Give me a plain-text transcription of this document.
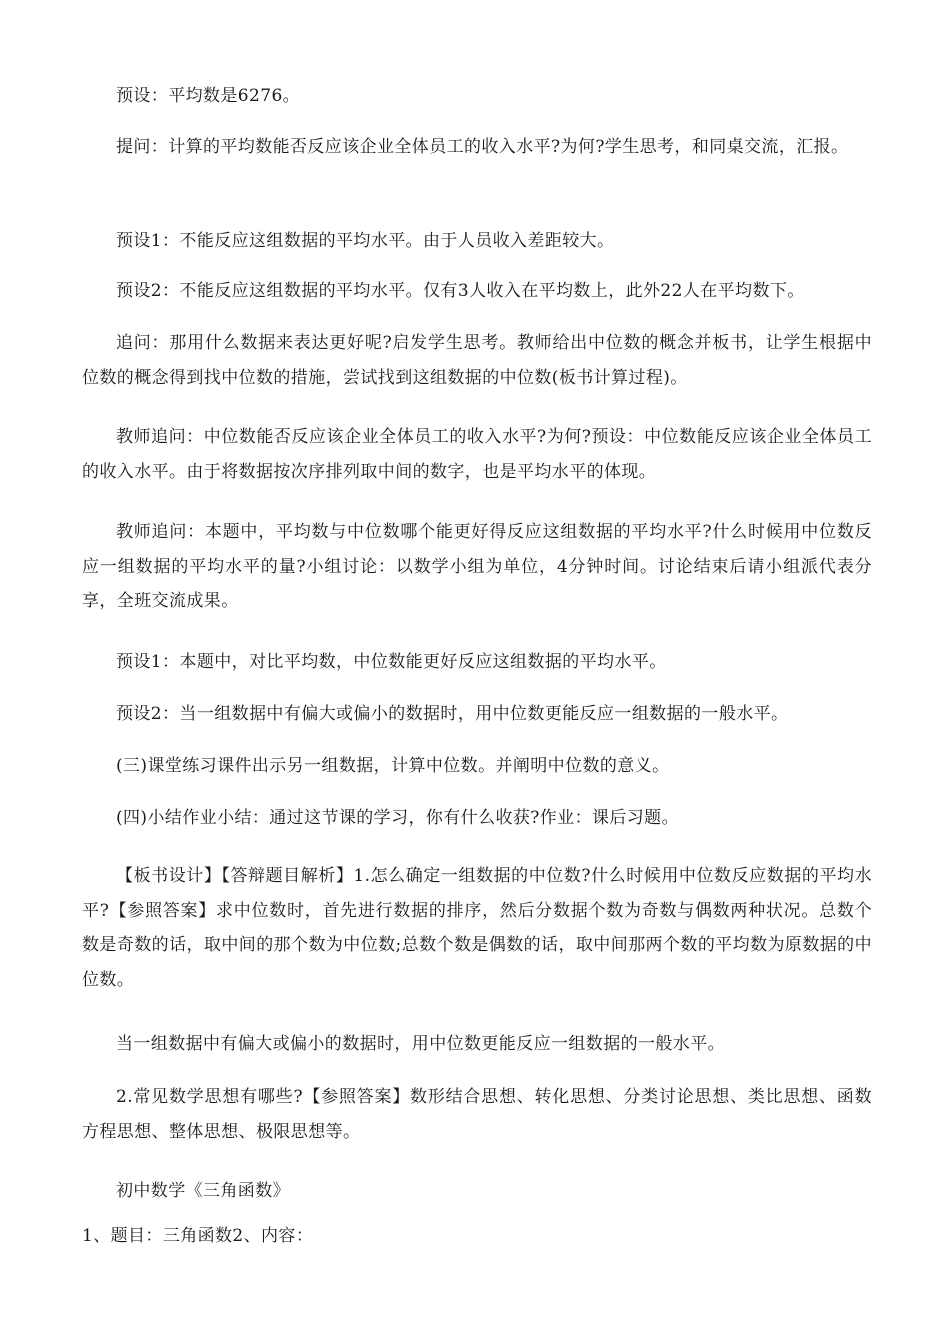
预设：平均数是6276。

提问：计算的平均数能否反应该企业全体员工的收入水平?为何?学生思考，和同桌交流，汇报。

预设1：不能反应这组数据的平均水平。由于人员收入差距较大。

预设2：不能反应这组数据的平均水平。仅有3人收入在平均数上，此外22人在平均数下。

追问：那用什么数据来表达更好呢?启发学生思考。教师给出中位数的概念并板书，让学生根据中位数的概念得到找中位数的措施，尝试找到这组数据的中位数(板书计算过程)。

教师追问：中位数能否反应该企业全体员工的收入水平?为何?预设：中位数能反应该企业全体员工的收入水平。由于将数据按次序排列取中间的数字，也是平均水平的体现。

教师追问：本题中，平均数与中位数哪个能更好得反应这组数据的平均水平?什么时候用中位数反应一组数据的平均水平的量?小组讨论：以数学小组为单位，4分钟时间。讨论结束后请小组派代表分享，全班交流成果。

预设1：本题中，对比平均数，中位数能更好反应这组数据的平均水平。

预设2：当一组数据中有偏大或偏小的数据时，用中位数更能反应一组数据的一般水平。

(三)课堂练习课件出示另一组数据，计算中位数。并阐明中位数的意义。

(四)小结作业小结：通过这节课的学习，你有什么收获?作业：课后习题。

【板书设计】【答辩题目解析】1.怎么确定一组数据的中位数?什么时候用中位数反应数据的平均水平?【参照答案】求中位数时，首先进行数据的排序，然后分数据个数为奇数与偶数两种状况。总数个数是奇数的话，取中间的那个数为中位数;总数个数是偶数的话，取中间那两个数的平均数为原数据的中位数。

当一组数据中有偏大或偏小的数据时，用中位数更能反应一组数据的一般水平。

2.常见数学思想有哪些?【参照答案】数形结合思想、转化思想、分类讨论思想、类比思想、函数方程思想、整体思想、极限思想等。

初中数学《三角函数》

1、题目：三角函数2、内容：
